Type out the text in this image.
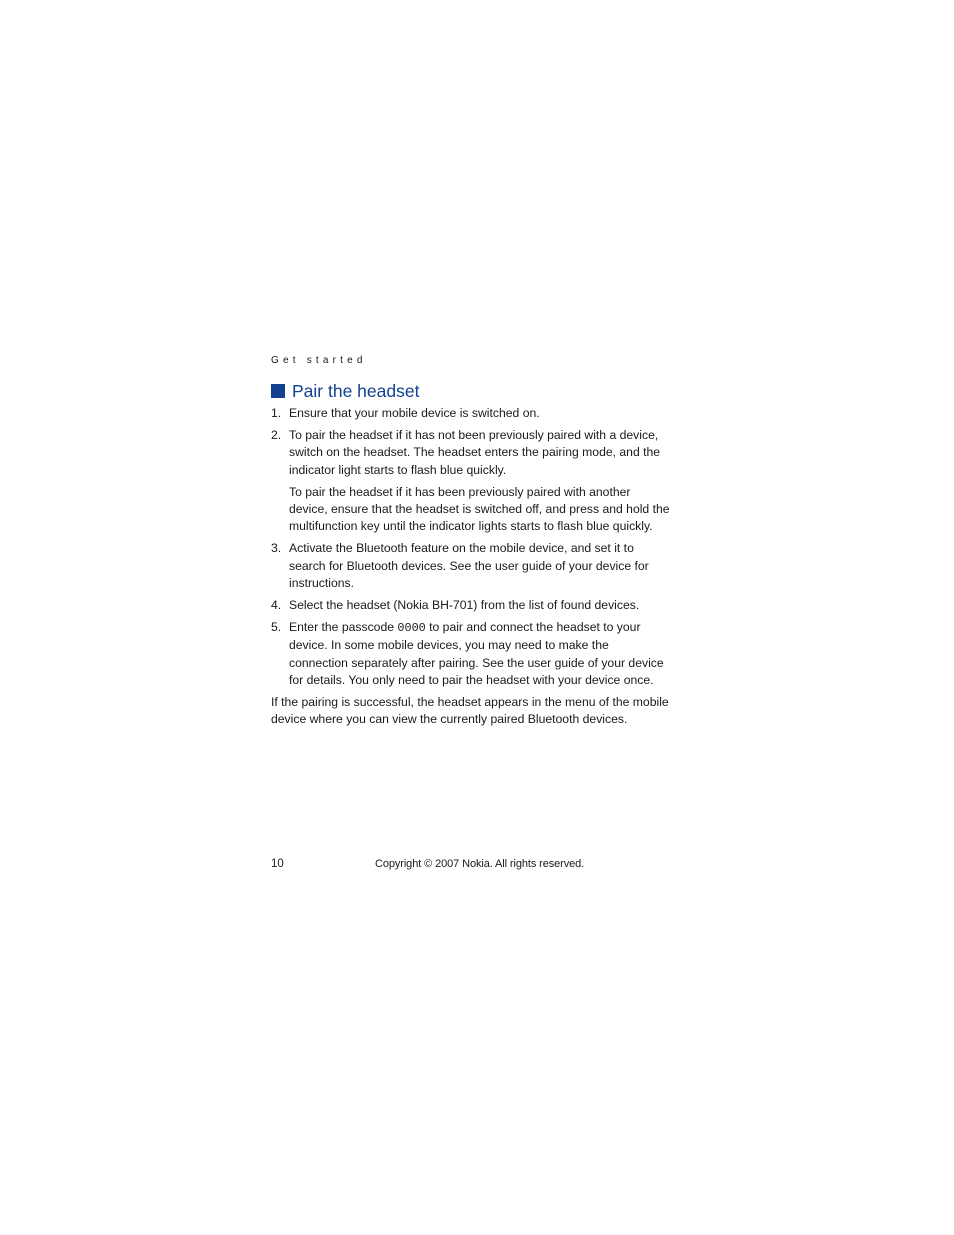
Get started
Pair the headset
1. Ensure that your mobile device is switched on.
2. To pair the headset if it has not been previously paired with a device, switch on the headset. The headset enters the pairing mode, and the indicator light starts to flash blue quickly.
To pair the headset if it has been previously paired with another device, ensure that the headset is switched off, and press and hold the multifunction key until the indicator lights starts to flash blue quickly.
3. Activate the Bluetooth feature on the mobile device, and set it to search for Bluetooth devices. See the user guide of your device for instructions.
4. Select the headset (Nokia BH-701) from the list of found devices.
5. Enter the passcode 0000 to pair and connect the headset to your device. In some mobile devices, you may need to make the connection separately after pairing. See the user guide of your device for details. You only need to pair the headset with your device once.
If the pairing is successful, the headset appears in the menu of the mobile device where you can view the currently paired Bluetooth devices.
10	Copyright © 2007 Nokia. All rights reserved.
